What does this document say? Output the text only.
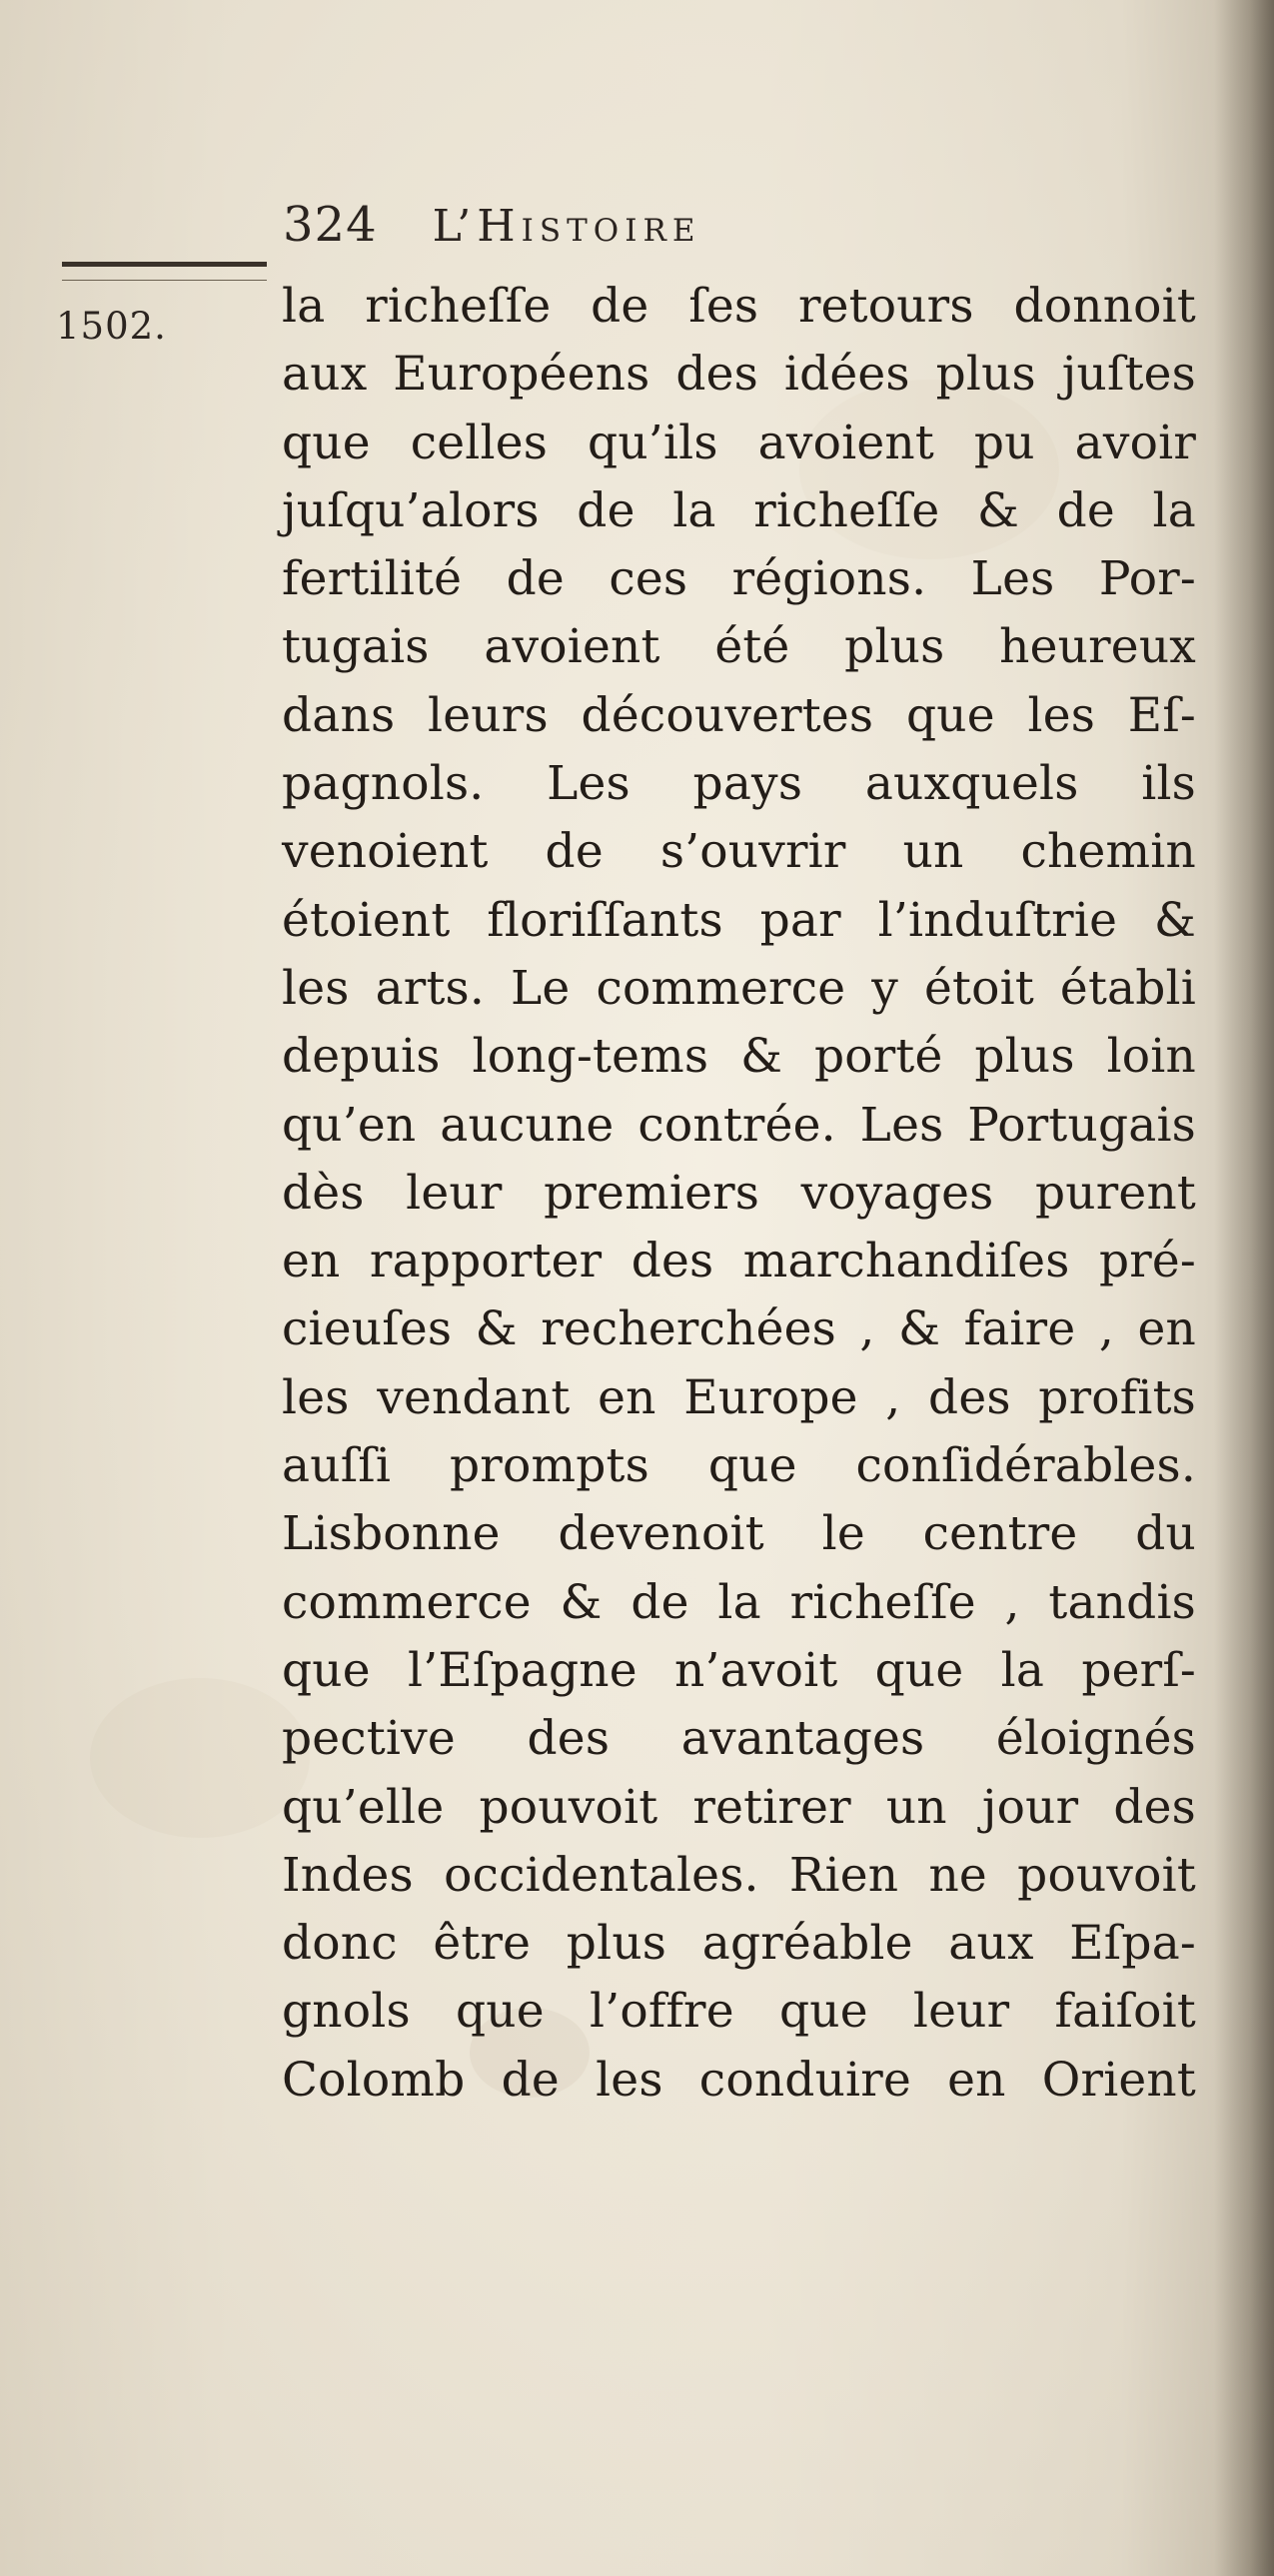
324 L’Histoire
1502. la richeſſe de ſes retours donnoit
aux Européens des idées plus juſtes
que celles qu’ils avoient pu avoir
juſqu’alors de la richeſſe & de la
fertilité de ces régions. Les Por-
tugais avoient été plus heureux
dans leurs découvertes que les Eſ-
pagnols. Les pays auxquels ils
venoient de s’ouvrir un chemin
étoient floriſſants par l’induſtrie &
les arts. Le commerce y étoit établi
depuis long-tems & porté plus loin
qu’en aucune contrée. Les Portugais
dès leur premiers voyages purent
en rapporter des marchandiſes pré-
cieuſes & recherchées , & faire , en
les vendant en Europe , des profits
auſſi prompts que conſidérables.
Lisbonne devenoit le centre du
commerce & de la richeſſe , tandis
que l’Eſpagne n’avoit que la perſ-
pective des avantages éloignés
qu’elle pouvoit retirer un jour des
Indes occidentales. Rien ne pouvoit
donc être plus agréable aux Eſpa-
gnols que l’offre que leur faiſoit
Colomb de les conduire en Orient
